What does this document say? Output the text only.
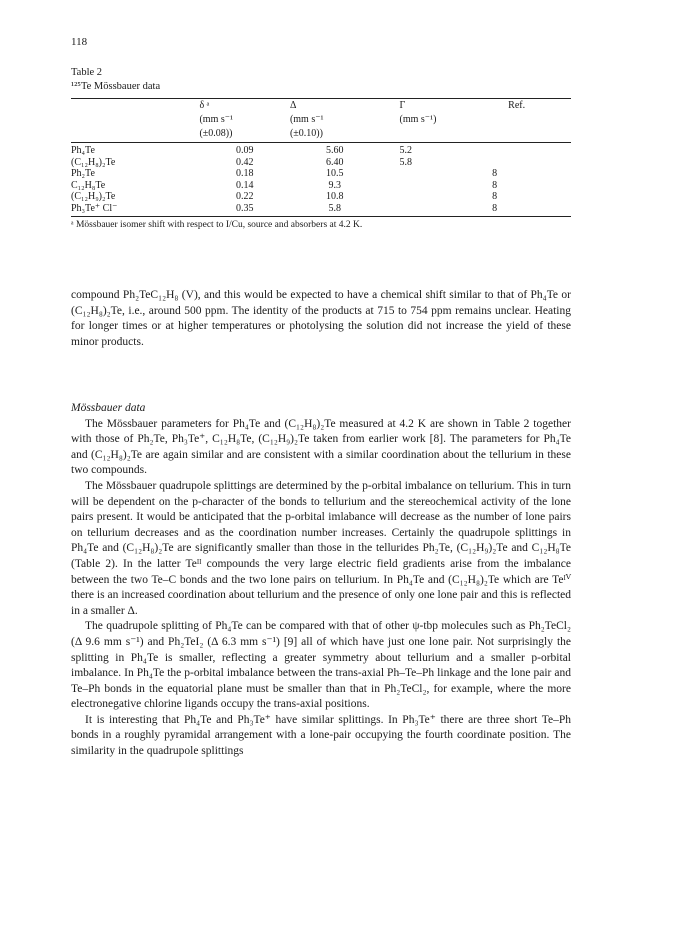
118
Table 2
¹²⁵Te Mössbauer data
	δ ᵃ	Δ	Γ	Ref.
	(mm s⁻¹	(mm s⁻¹	(mm s⁻¹)	
	(±0.08))	(±0.10))		
Ph₄Te	0.09	5.60	5.2	
(C₁₂H₈)₂Te	0.42	6.40	5.8	
Ph₂Te	0.18	10.5		8
C₁₂H₈Te	0.14	9.3		8
(C₁₂H₉)₂Te	0.22	10.8		8
Ph₃Te⁺ Cl⁻	0.35	5.8		8
ᵃ Mössbauer isomer shift with respect to I/Cu, source and absorbers at 4.2 K.

compound Ph₂TeC₁₂H₈ (V), and this would be expected to have a chemical shift similar to that of Ph₄Te or (C₁₂H₈)₂Te, i.e., around 500 ppm. The identity of the products at 715 to 754 ppm remains unclear. Heating for longer times or at higher temperatures or photolysing the solution did not increase the yield of these minor products.

Mössbauer data

The Mössbauer parameters for Ph₄Te and (C₁₂H₈)₂Te measured at 4.2 K are shown in Table 2 together with those of Ph₂Te, Ph₃Te⁺, C₁₂H₈Te, (C₁₂H₉)₂Te taken from earlier work [8]. The parameters for Ph₄Te and (C₁₂H₈)₂Te are again similar and are consistent with a similar coordination about the tellurium in these two compounds.

The Mössbauer quadrupole splittings are determined by the p-orbital imbalance on tellurium. This in turn will be dependent on the p-character of the bonds to tellurium and the stereochemical activity of the lone pairs present. It would be anticipated that the p-orbital imlabance will decrease as the number of lone pairs on tellurium decreases and as the coordination number increases. Certainly the quadrupole splittings in Ph₄Te and (C₁₂H₈)₂Te are significantly smaller than those in the tellurides Ph₂Te, (C₁₂H₉)₂Te and C₁₂H₈Te (Table 2). In the latter Teᴵᴵ compounds the very large electric field gradients arise from the imbalance between the two Te–C bonds and the two lone pairs on tellurium. In Ph₄Te and (C₁₂H₈)₂Te which are Teᴵⱽ there is an increased coordination about tellurium and the presence of only one lone pair and this is reflected in a smaller Δ.

The quadrupole splitting of Ph₄Te can be compared with that of other ψ-tbp molecules such as Ph₂TeCl₂ (Δ 9.6 mm s⁻¹) and Ph₂TeI₂ (Δ 6.3 mm s⁻¹) [9] all of which have just one lone pair. Not surprisingly the splitting in Ph₄Te is smaller, reflecting a greater symmetry about tellurium and a smaller p-orbital imbalance. In Ph₄Te the p-orbital imbalance between the trans-axial Ph–Te–Ph linkage and the lone pair and Te–Ph bonds in the equatorial plane must be smaller than that in Ph₂TeCl₂, for example, where the more electronegative chlorine ligands occupy the trans-axial positions.

It is interesting that Ph₄Te and Ph₃Te⁺ have similar splittings. In Ph₃Te⁺ there are three short Te–Ph bonds in a roughly pyramidal arrangement with a lone-pair occupying the fourth coordinate position. The similarity in the quadrupole splittings
